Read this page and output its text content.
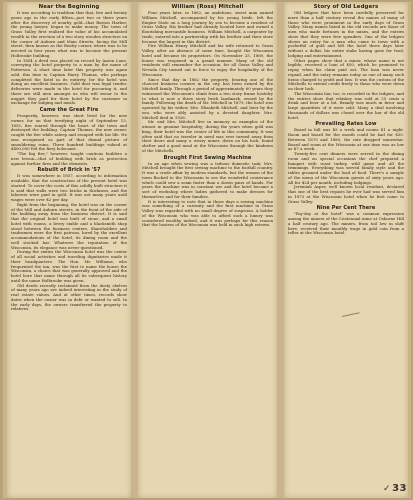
Near the Beginning

It was according to tradition that that, five and twenty years ago in the early fifties—just two or three years after the discovery of nearby gold—that Boston Harbor, the young lawyer, began to make money. The town of Grass Valley first realized the value of his accumulated wealth in the erection of a two story wooden structure on the corner of Auburn and Main Streets, facing the Mill street, then known as the Beatty corner, where was to be erected in four years what was to become the present Holbrooke building.

In 1854 a deed was placed on record by Aaron Lane, conveying the hotel property to a man by the name of Patterson. A short time later this property was again sold, this time to Captain Harry Thomas, who perhaps completed the hotel in its entirety, for the hotel was doing an excellent business. Gold dust was legal tender, deliveries were made in the hotel for procuring it, and there are still men amongst us who will swear to the nugget they paid for their hotel by the customer in exchange for lodging and meals.

Came the Great Fire

Prosperity, however, was short lived for the new owner, for on that terrifying night of September 13, 1855, fire roared through the heart of the town and destroyed the building. Captain Thomas, the new owner, caught the fire while asleep and escaped with his life. He was recognized as part of that dismal picture of smouldering ruins. Three hundred buildings valued at $400,000 fed the fiery holocaust.

"The big fire," however, taught cautious builders a new lesson—that of building with brick as protection against further fires and the elements.

Rebuilt of Brick in '57

It was somewhere in 1857, according to information available, that the construction of the present hotel was started. To cover the costs of this solidly built structure it is said that walls were two bricks in thickness, and the laborers were paid in gold. It was not many years until wages were over $2 per day.

Right from the beginning, the hotel was on the corner of the Mill and Auburn streets, in the front of the side of the building away from the business district. It is said that the original hotel was built of stone, and a small hotel with rooms, a livery stable and a blacksmith shop stood between the business centers. Shareholders and tradesmen were the first patrons, lured by the excellent accommodations of the hotel, its dining room and the well stocked bar. Whatever the reputation of the Wisconsin, its elegance was never questioned.

During the sixties the Wisconsin hotel was the center of all social activities and traveling dignitaries made it their headquarters. The Hon. Mr. Williams, who frequented the inn, was the first to name the house the Wisconsin, a choice that was generally approved and the hotel bore that name through all its subsequent history until the name Holbrooke was given.

Old deeds recently reclaimed from the dusty shelves of many years ago are indeed interesting in the study of real estate values. And at other times, records show dates when the owner was in debt or wanted to sell. In the early days, the owners transferred the property to relatives.

William (Ross) Mitchell

Four years later, in 1862, an ambitious, sweet man named William Mitchell, accompanied by his young bride, left the Empire State on a long journey by sea to become a resident of Grass Valley. His brother had already located here and owned a flourishing mercantile business. William Mitchell, a carpenter by trade, entered into a partnership with his brother and their store became the largest in this district.

Fire William Henry Mitchell and his wife returned to Grass Valley, after an absence of some time, bought the Wisconsin hotel and became its proprietors. On November 25, 1869, the house was reopened in a grand manner. Many of the old residents still remember the occasion, for all Grass Valley and Nevada City turned out in force to enjoy the hospitality of the Wisconsin.

Since that day in 1862 the property, bearing one of the choicest business corners in the city, has been owned by the Mitchell family. Through a period of approximately 60 years they witnessed the Wisconsin's climb from a two story frame hostelry to what is now a three story brick landmark, owned by the family. Following the death of Mr. Mitchell in 1879, the hotel was operated by his widow, Mrs. Elizabeth Mitchell, and later by the son, who were ably assisted by a devoted daughter. Mrs. Mitchell died in 1926.

Mr. and Mrs. Mitchell live in memory as examples of the utmost in genuine hospitality; during the years when gold was king, their hotel was the center of life in this community. It was often said that no traveler in need was ever turned away from their doors and many a weary miner, down on his luck, found shelter and a good meal at the Wisconsin through the kindness of the Mitchells.

Brought First Sewing Machine

In an age when sewing was a tedious domestic task, Mrs. Mitchell brought the first sewing machine to the foothill country. It was a crude affair by modern standards, but the women of the town flocked to the Wisconsin to see the wonderful contrivance which could sew a seam faster than a dozen pairs of hands. For years the machine was in constant use and the hotel became a sort of workshop where ladies gathered to make dresses for themselves and for their families.

It is interesting to note that in those days a sewing machine was something of a curiosity and the first machine in Grass Valley was regarded with no small degree of suspicion. A holder of the Wisconsin who was able to afford such a luxury was considered wealthy indeed, and it was perhaps for this reason that the hostess of the Wisconsin was held in such high esteem.

Story of Old Ledgers

Old ledgers that have been carefully preserved for more than a half century reveal the names of many of those who were prominent in the early days of Grass Valley. Many names listed in the old records are those of men who made fortunes in the mines, and the entries show that they were free spenders. One of the ledgers shows an entry for a man who came to town with a pocketful of gold and left the hotel three days later without a dollar, his entire stake having gone for food, lodging and entertainment.

Other pages show that a miner, whose name is not legible, received a loan of $50, which he promised to repay when his claim paid out. The loan was never repaid, and the entry remains today as one of many such items charged to profit and loss. It was the custom of the Mitchells to extend credit freely to those who were down on their luck.

The Wisconsin bar, too, is recorded in the ledgers, and the entries show that whiskey was sold at 25 cents a drink and beer at a bit. Brandy was much in favor and large quantities of it were sold. Many a deal involving thousands of dollars was closed over the bar of the old hotel.

Prevailing Rates Low

Board in full was $9 a week and rooms $1 a night. Room and board for the month could be had for $35. Between 1870 and 1880, the rate dropped somewhat. Board and room at the Wisconsin at one time was as low as $7 a week.

Twenty-five cent dinners were served in the dining room and on special occasions the chef prepared a banquet with roast turkey, wild game and all the trimmings. Everything was served family style and the tables groaned under the load of food. There's a sample of the menu of the Wisconsin guests of sixty years ago. All for $24 per month, including lodgings.

Jeremiah Asper, well known local resident, declared that one of the best repasts he ever had was served him in 1873 at the Wisconsin hotel when he first came to Grass Valley.

Nine Per Cent There

"Pay-day at the hotel" was a common expression among the miners of the Centennial mine at Osborne Hill a half century ago. The miners, from toil low in shift here, received their monthly wage in gold coin from a teller at the Wisconsin hotel.

✓33
